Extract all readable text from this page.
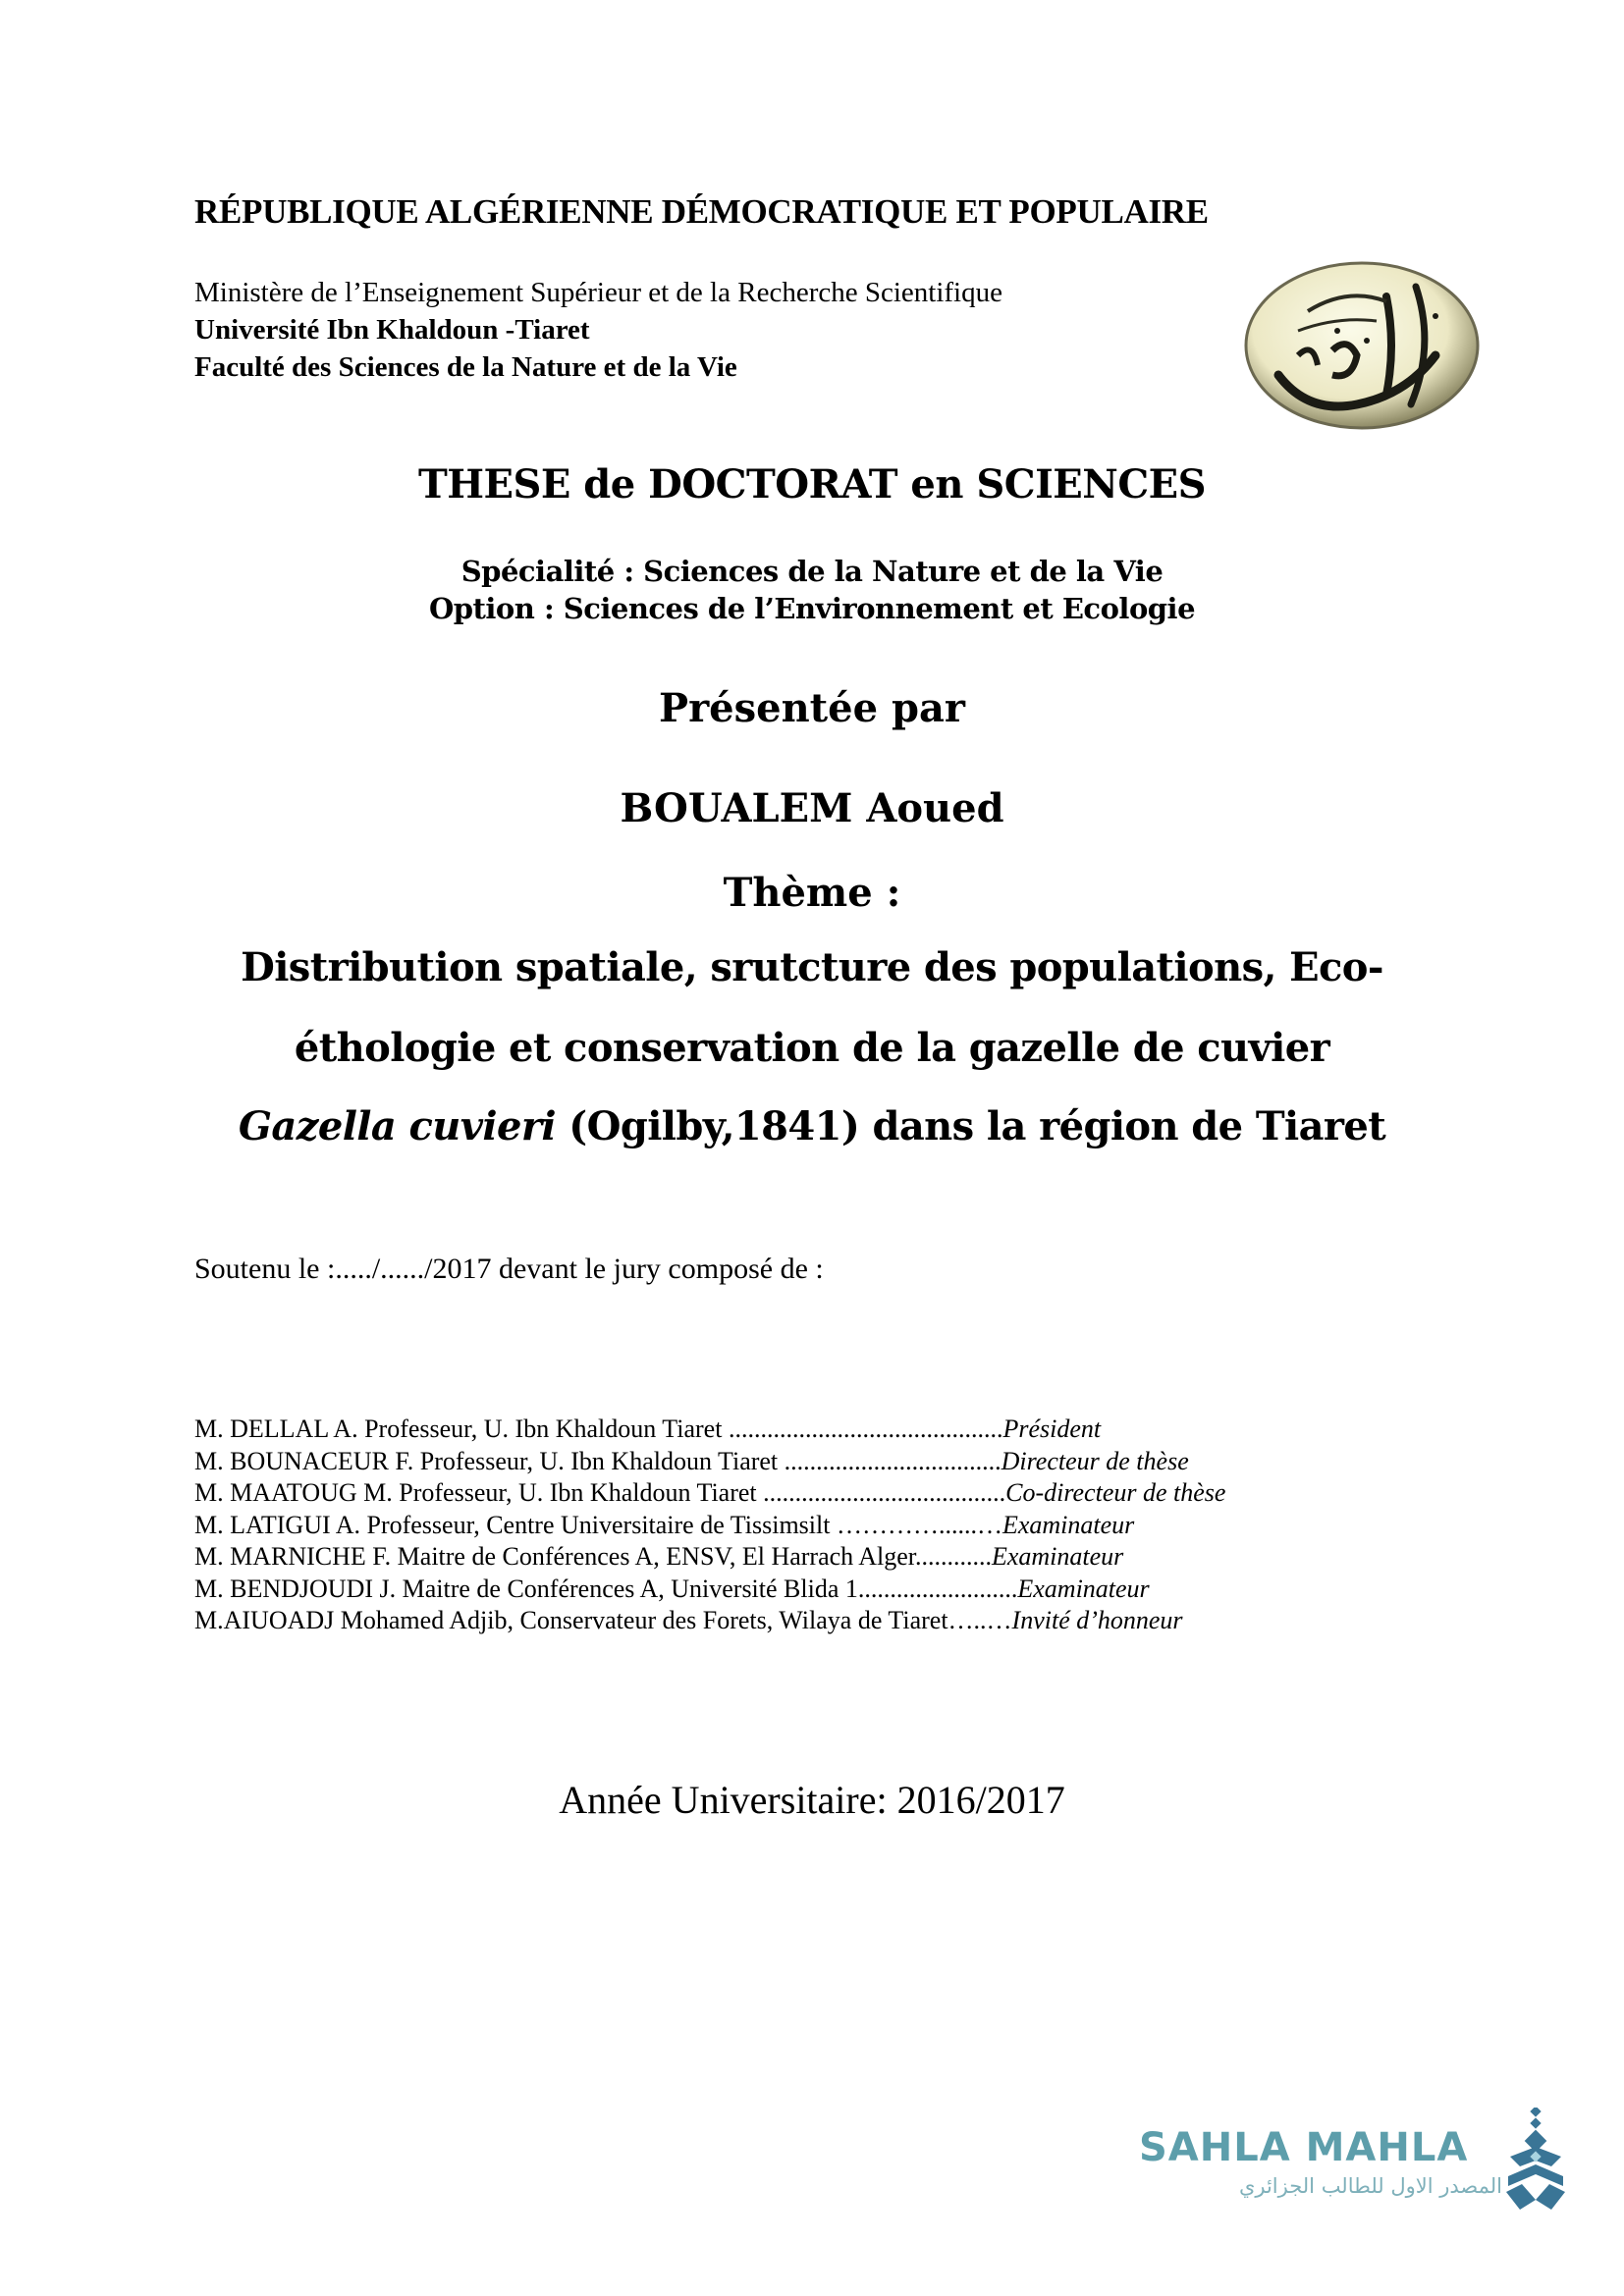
RÉPUBLIQUE ALGÉRIENNE DÉMOCRATIQUE ET POPULAIRE
Ministère de l’Enseignement Supérieur et de la Recherche Scientifique
Université Ibn Khaldoun -Tiaret
Faculté des Sciences de la Nature et de la Vie
THESE de DOCTORAT en SCIENCES
Spécialité : Sciences de la Nature et de la Vie
Option : Sciences de l’Environnement et Ecologie
Présentée par
BOUALEM Aoued
Thème :
Distribution spatiale, srutcture des populations, Eco-
éthologie et conservation de la gazelle de cuvier
Gazella cuvieri (Ogilby,1841) dans la région de Tiaret
Soutenu le :...../....../2017 devant le jury composé de :
M. DELLAL A. Professeur, U. Ibn Khaldoun Tiaret ...........................................Président
M. BOUNACEUR F. Professeur, U. Ibn Khaldoun Tiaret ..................................Directeur de thèse
M. MAATOUG M. Professeur, U. Ibn Khaldoun Tiaret ......................................Co-directeur de thèse
M. LATIGUI A. Professeur, Centre Universitaire de Tissimsilt …………......…Examinateur
M. MARNICHE F. Maitre de Conférences A, ENSV, El Harrach Alger............Examinateur
M. BENDJOUDI J. Maitre de Conférences A, Université Blida 1.........................Examinateur
M.AIUOADJ Mohamed Adjib, Conservateur des Forets, Wilaya de Tiaret…..…Invité d’honneur
Année Universitaire: 2016/2017
SAHLA MAHLA
المصدر الاول للطالب الجزائري
